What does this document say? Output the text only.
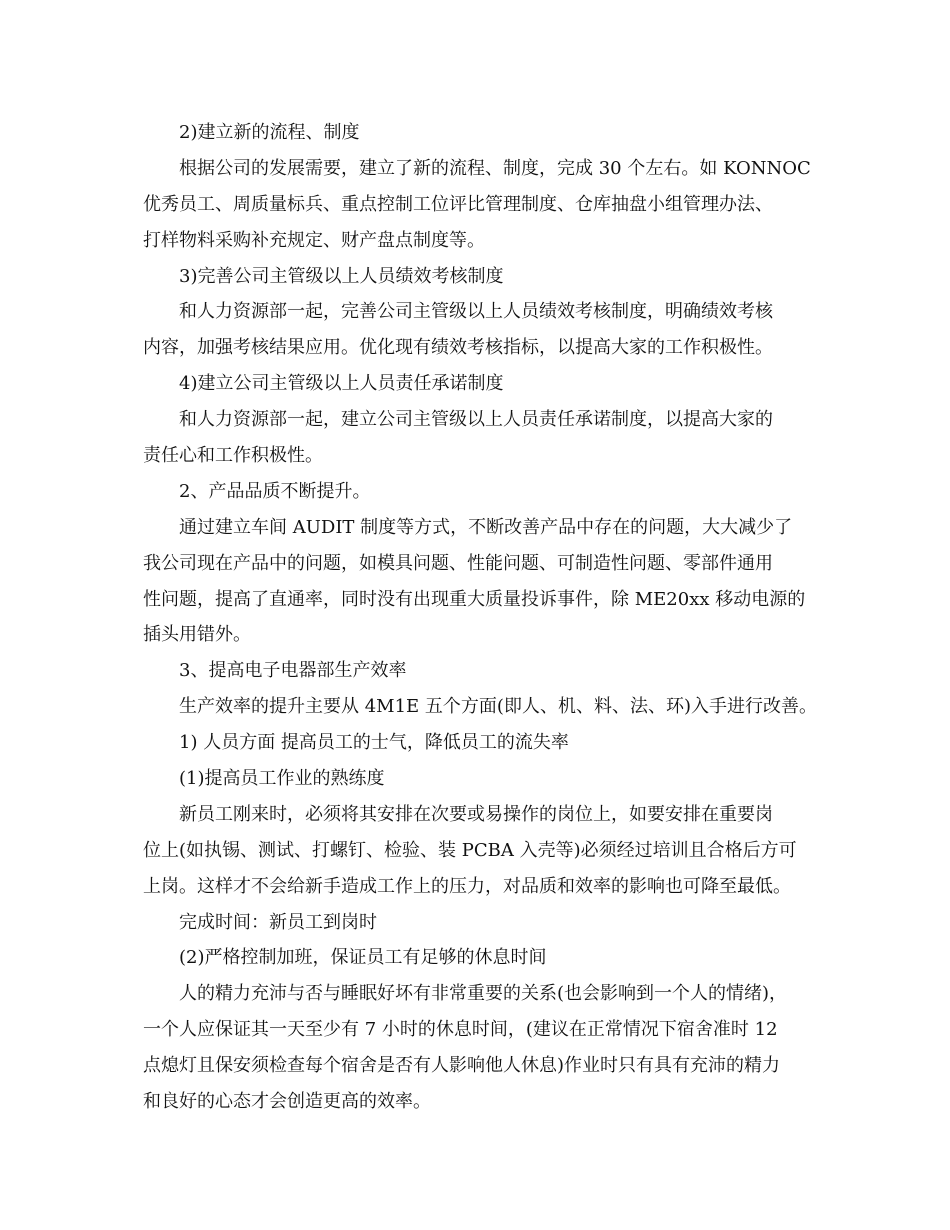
2)建立新的流程、制度
根据公司的发展需要，建立了新的流程、制度，完成 30 个左右。如 KONNOC
优秀员工、周质量标兵、重点控制工位评比管理制度、仓库抽盘小组管理办法、
打样物料采购补充规定、财产盘点制度等。
3)完善公司主管级以上人员绩效考核制度
和人力资源部一起，完善公司主管级以上人员绩效考核制度，明确绩效考核
内容，加强考核结果应用。优化现有绩效考核指标，以提高大家的工作积极性。
4)建立公司主管级以上人员责任承诺制度
和人力资源部一起，建立公司主管级以上人员责任承诺制度，以提高大家的
责任心和工作积极性。
2、产品品质不断提升。
通过建立车间 AUDIT 制度等方式，不断改善产品中存在的问题，大大减少了
我公司现在产品中的问题，如模具问题、性能问题、可制造性问题、零部件通用
性问题，提高了直通率，同时没有出现重大质量投诉事件，除 ME20xx 移动电源的
插头用错外。
3、提高电子电器部生产效率
生产效率的提升主要从 4M1E 五个方面(即人、机、料、法、环)入手进行改善。
1) 人员方面 提高员工的士气，降低员工的流失率
(1)提高员工作业的熟练度
新员工刚来时，必须将其安排在次要或易操作的岗位上，如要安排在重要岗
位上(如执锡、测试、打螺钉、检验、装 PCBA 入壳等)必须经过培训且合格后方可
上岗。这样才不会给新手造成工作上的压力，对品质和效率的影响也可降至最低。
完成时间：新员工到岗时
(2)严格控制加班，保证员工有足够的休息时间
人的精力充沛与否与睡眠好坏有非常重要的关系(也会影响到一个人的情绪)，
一个人应保证其一天至少有 7 小时的休息时间，(建议在正常情况下宿舍准时 12
点熄灯且保安须检查每个宿舍是否有人影响他人休息)作业时只有具有充沛的精力
和良好的心态才会创造更高的效率。
